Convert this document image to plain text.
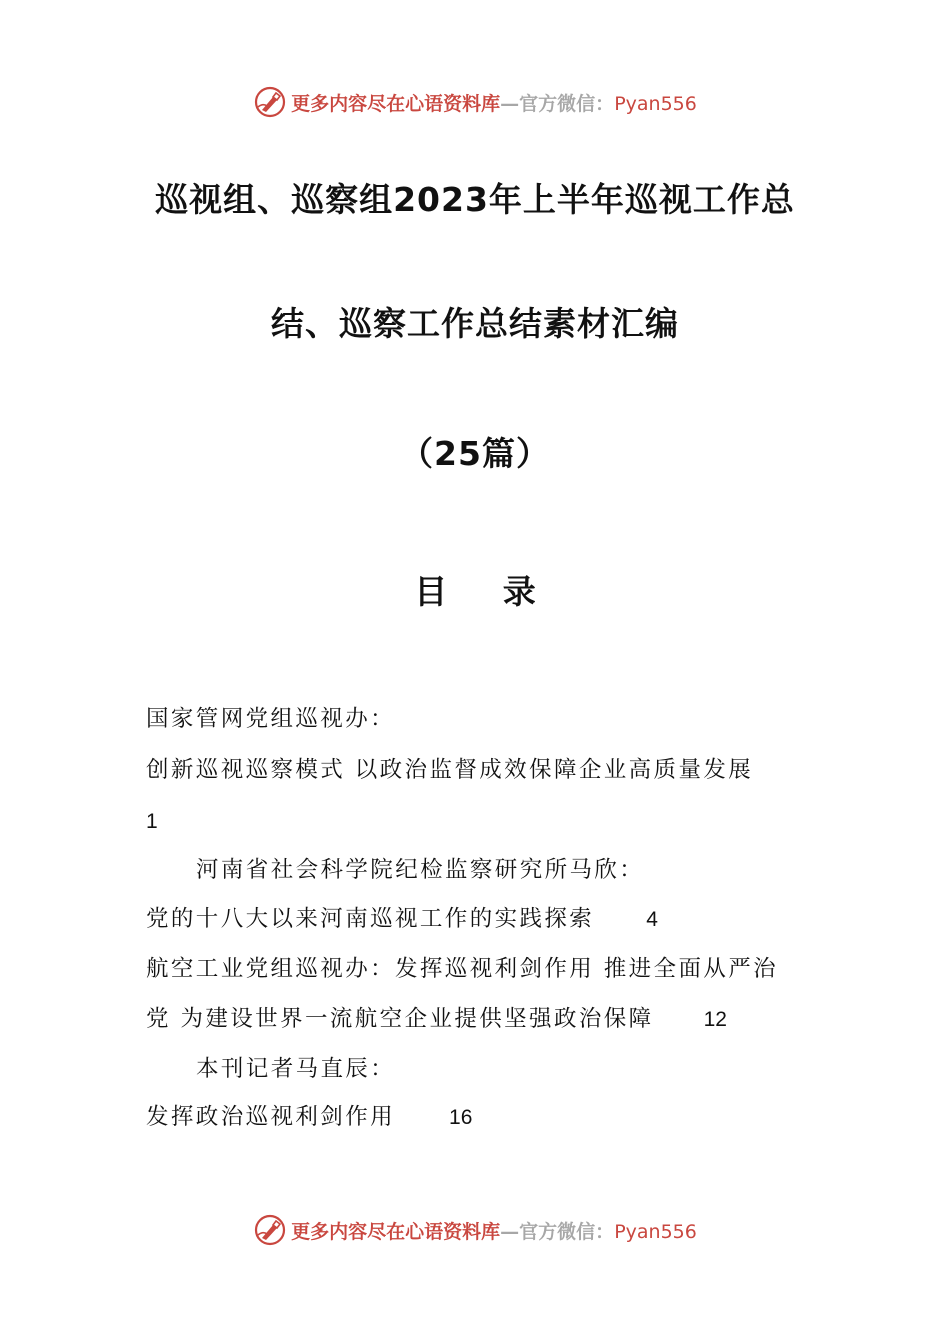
更多内容尽在心语资料库—官方微信：Pyan556
巡视组、巡察组2023年上半年巡视工作总
结、巡察工作总结素材汇编
（25篇）
目 录
国家管网党组巡视办：
创新巡视巡察模式 以政治监督成效保障企业高质量发展
1
河南省社会科学院纪检监察研究所马欣：
党的十八大以来河南巡视工作的实践探索 4
航空工业党组巡视办：发挥巡视利剑作用 推进全面从严治
党 为建设世界一流航空企业提供坚强政治保障 12
本刊记者马直辰：
发挥政治巡视利剑作用	16
更多内容尽在心语资料库—官方微信：Pyan556
